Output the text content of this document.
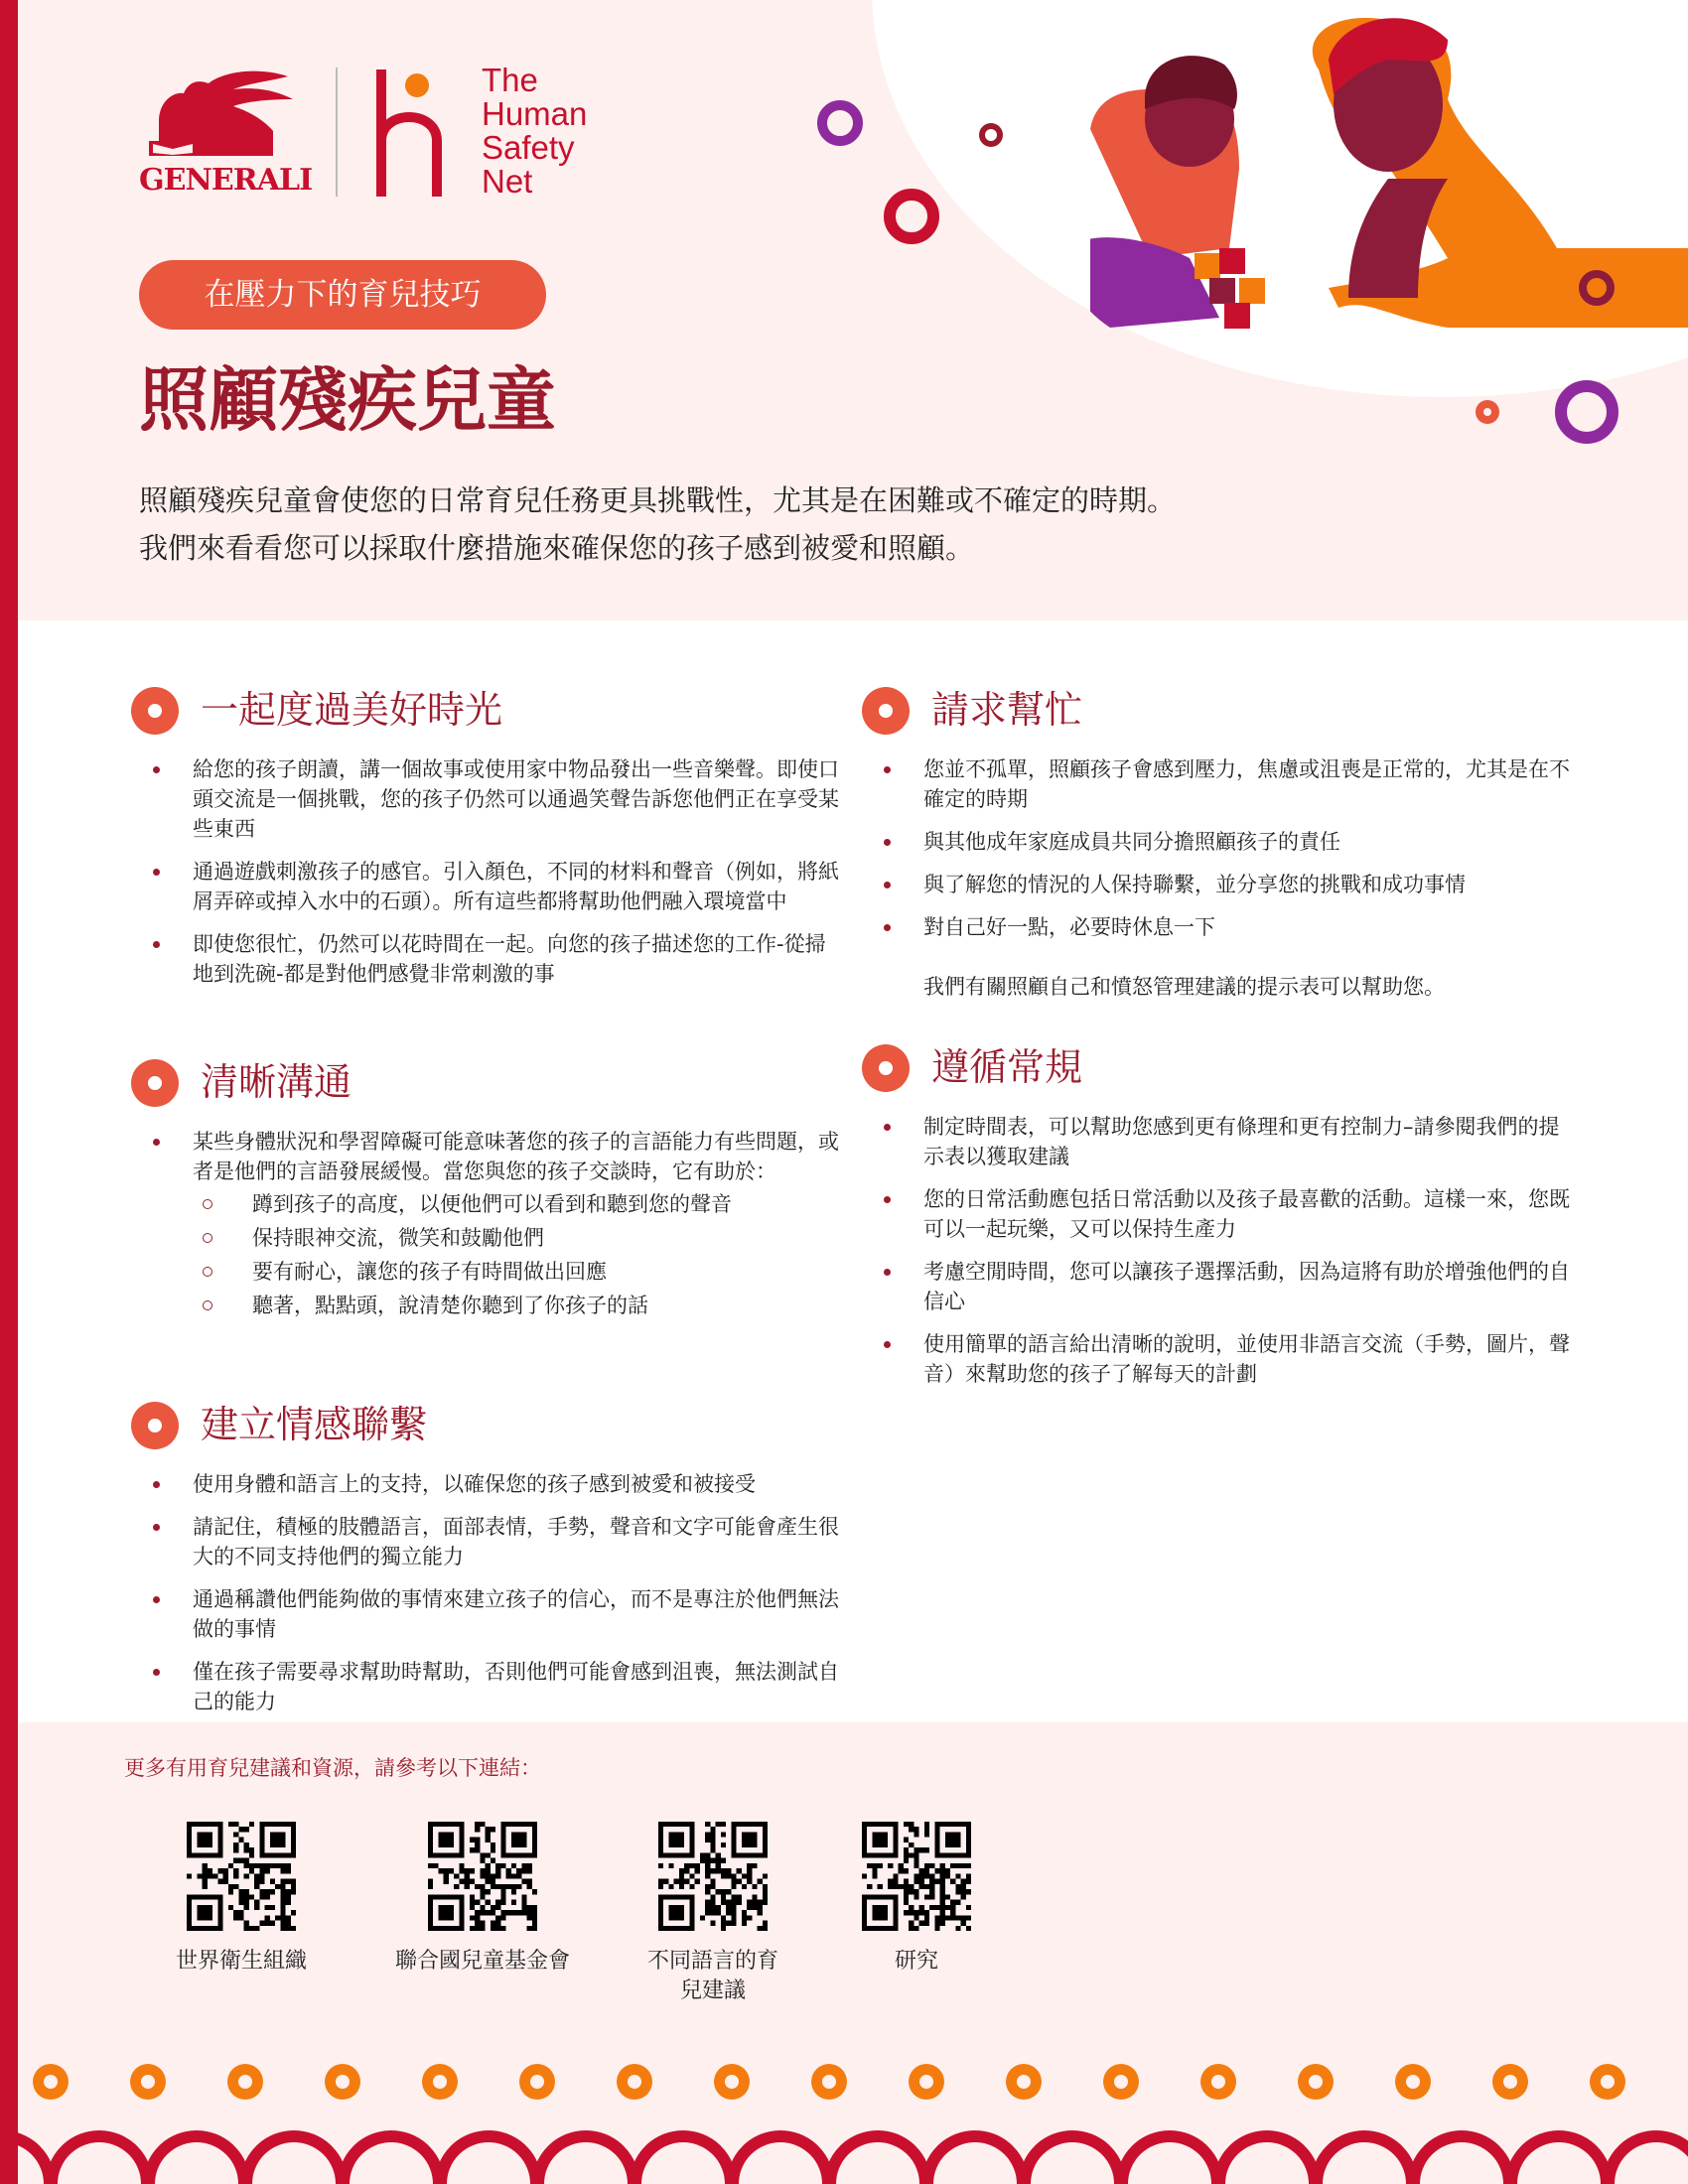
GENERALI
The
Human
Safety
Net
在壓力下的育兒技巧
照顧殘疾兒童
照顧殘疾兒童會使您的日常育兒任務更具挑戰性，尤其是在困難或不確定的時期。
我們來看看您可以採取什麼措施來確保您的孩子感到被愛和照顧。
一起度過美好時光
給您的孩子朗讀，講一個故事或使用家中物品發出一些音樂聲。即使口頭交流是一個挑戰，您的孩子仍然可以通過笑聲告訴您他們正在享受某些東西
通過遊戲刺激孩子的感官。引入顏色，不同的材料和聲音（例如，將紙屑弄碎或掉入水中的石頭）。所有這些都將幫助他們融入環境當中
即使您很忙，仍然可以花時間在一起。向您的孩子描述您的工作-從掃地到洗碗-都是對他們感覺非常刺激的事
清晰溝通
某些身體狀況和學習障礙可能意味著您的孩子的言語能力有些問題，或者是他們的言語發展緩慢。當您與您的孩子交談時，它有助於：
蹲到孩子的高度，以便他們可以看到和聽到您的聲音
保持眼神交流，微笑和鼓勵他們
要有耐心，讓您的孩子有時間做出回應
聽著，點點頭，說清楚你聽到了你孩子的話
建立情感聯繫
使用身體和語言上的支持，以確保您的孩子感到被愛和被接受
請記住，積極的肢體語言，面部表情，手勢，聲音和文字可能會產生很大的不同支持他們的獨立能力
通過稱讚他們能夠做的事情來建立孩子的信心，而不是專注於他們無法做的事情
僅在孩子需要尋求幫助時幫助，否則他們可能會感到沮喪，無法測試自己的能力
請求幫忙
您並不孤單，照顧孩子會感到壓力，焦慮或沮喪是正常的，尤其是在不確定的時期
與其他成年家庭成員共同分擔照顧孩子的責任
與了解您的情況的人保持聯繫，並分享您的挑戰和成功事情
對自己好一點，必要時休息一下
我們有關照顧自己和憤怒管理建議的提示表可以幫助您。
遵循常規
制定時間表，可以幫助您感到更有條理和更有控制力–請參閱我們的提示表以獲取建議
您的日常活動應包括日常活動以及孩子最喜歡的活動。這樣一來，您既可以一起玩樂，又可以保持生產力
考慮空閒時間，您可以讓孩子選擇活動，因為這將有助於增強他們的自信心
使用簡單的語言給出清晰的說明，並使用非語言交流（手勢，圖片，聲音）來幫助您的孩子了解每天的計劃
更多有用育兒建議和資源，請參考以下連結：
世界衛生組織	聯合國兒童基金會	不同語言的育兒建議
研究
